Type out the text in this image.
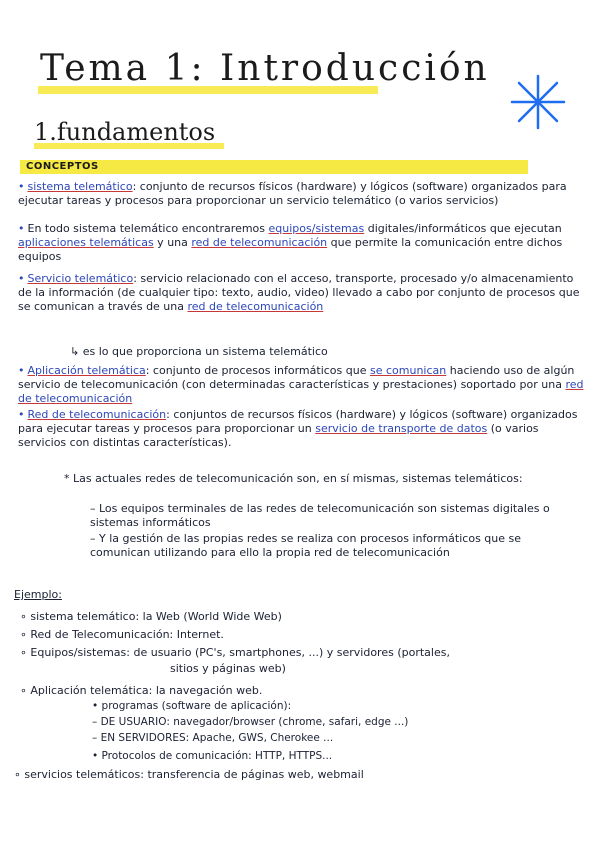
Tema 1: Introducción
1.fundamentos
CONCEPTOS
• sistema telemático: conjunto de recursos físicos (hardware) y lógicos (software) organizados para ejecutar tareas y procesos para proporcionar un servicio telemático (o varios servicios)
• En todo sistema telemático encontraremos equipos/sistemas digitales/informáticos que ejecutan aplicaciones telemáticas y una red de telecomunicación que permite la comunicación entre dichos equipos
• Servicio telemático: servicio relacionado con el acceso, transporte, procesado y/o almacenamiento de la información (de cualquier tipo: texto, audio, video) llevado a cabo por conjunto de procesos que se comunican a través de una red de telecomunicación
↳ es lo que proporciona un sistema telemático
• Aplicación telemática: conjunto de procesos informáticos que se comunican haciendo uso de algún servicio de telecomunicación (con determinadas características y prestaciones) soportado por una red de telecomunicación
• Red de telecomunicación: conjuntos de recursos físicos (hardware) y lógicos (software) organizados para ejecutar tareas y procesos para proporcionar un servicio de transporte de datos (o varios servicios con distintas características).
* Las actuales redes de telecomunicación son, en sí mismas, sistemas telemáticos:
– Los equipos terminales de las redes de telecomunicación son sistemas digitales o sistemas informáticos
– Y la gestión de las propias redes se realiza con procesos informáticos que se comunican utilizando para ello la propia red de telecomunicación
Ejemplo:
∘ sistema telemático: la Web (World Wide Web)
∘ Red de Telecomunicación: Internet.
∘ Equipos/sistemas: de usuario (PC's, smartphones, ...) y servidores (portales,
sitios y páginas web)
∘ Aplicación telemática: la navegación web.
• programas (software de aplicación):
– DE USUARIO: navegador/browser (chrome, safari, edge ...)
– EN SERVIDORES: Apache, GWS, Cherokee ...
• Protocolos de comunicación: HTTP, HTTPS...
∘ servicios telemáticos: transferencia de páginas web, webmail
